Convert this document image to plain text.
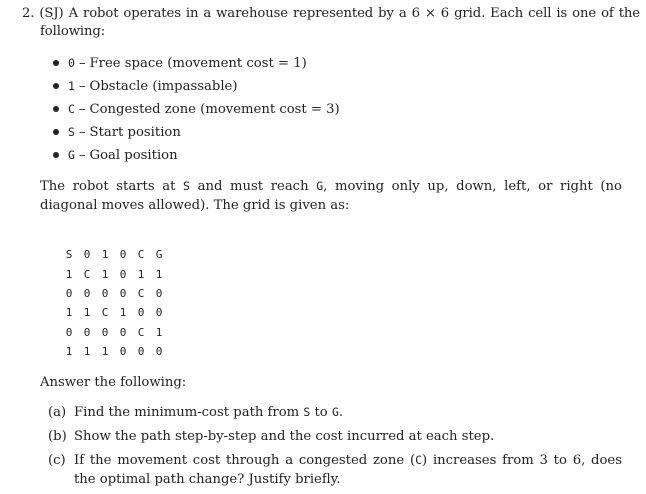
2. (SJ) A robot operates in a warehouse represented by a 6 × 6 grid. Each cell is one of the following:
0 – Free space (movement cost = 1)
1 – Obstacle (impassable)
C – Congested zone (movement cost = 3)
S – Start position
G – Goal position
The robot starts at S and must reach G, moving only up, down, left, or right (no diagonal moves allowed). The grid is given as:
S	0	1	0	C	G
1	C	1	0	1	1
0	0	0	0	C	0
1	1	C	1	0	0
0	0	0	0	C	1
1	1	1	0	0	0
Answer the following:
(a) Find the minimum-cost path from S to G.
(b) Show the path step-by-step and the cost incurred at each step.
(c) If the movement cost through a congested zone (C) increases from 3 to 6, does the optimal path change? Justify briefly.
